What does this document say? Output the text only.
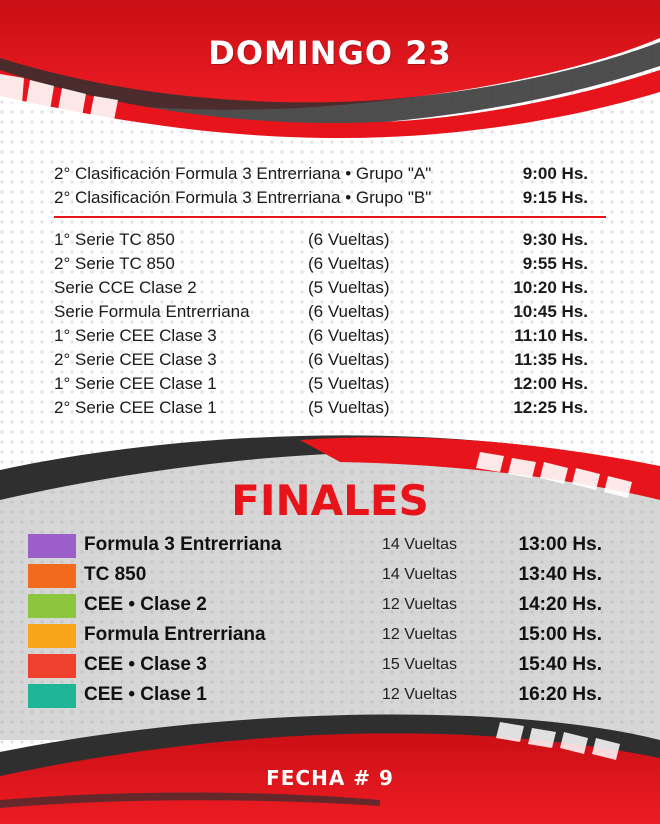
DOMINGO 23
2° Clasificación Formula 3 Entrerriana • Grupo "A"	9:00 Hs.
2° Clasificación Formula 3 Entrerriana • Grupo "B"	9:15 Hs.
1° Serie TC 850	(6 Vueltas)	9:30 Hs.
2° Serie TC 850	(6 Vueltas)	9:55 Hs.
Serie CCE Clase 2	(5 Vueltas)	10:20 Hs.
Serie Formula Entrerriana	(6 Vueltas)	10:45 Hs.
1° Serie CEE Clase 3	(6 Vueltas)	11:10 Hs.
2° Serie CEE Clase 3	(6 Vueltas)	11:35 Hs.
1° Serie CEE Clase 1	(5 Vueltas)	12:00 Hs.
2° Serie CEE Clase 1	(5 Vueltas)	12:25 Hs.
FINALES
Formula 3 Entrerriana	14 Vueltas	13:00 Hs.
TC 850	14 Vueltas	13:40 Hs.
CEE • Clase 2	12 Vueltas	14:20 Hs.
Formula Entrerriana	12 Vueltas	15:00 Hs.
CEE • Clase 3	15 Vueltas	15:40 Hs.
CEE • Clase 1	12 Vueltas	16:20 Hs.
FECHA # 9
